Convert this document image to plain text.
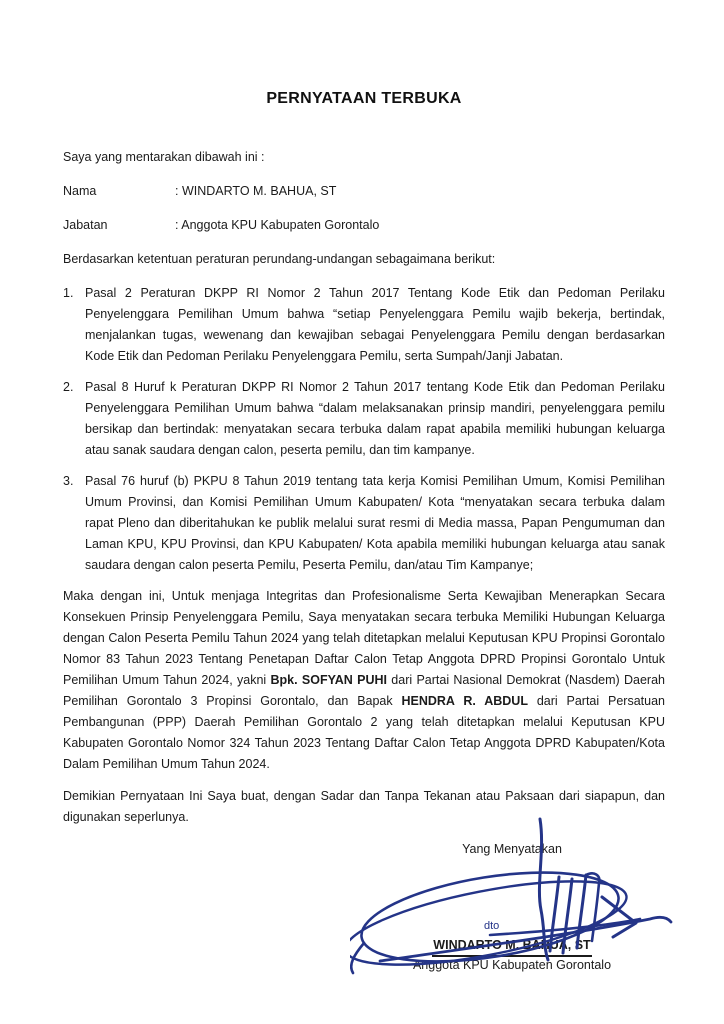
PERNYATAAN TERBUKA

Saya yang mentarakan dibawah ini :

Nama	: WINDARTO M. BAHUA, ST
Jabatan	: Anggota KPU Kabupaten Gorontalo

Berdasarkan ketentuan peraturan perundang-undangan sebagaimana berikut:

1. Pasal 2 Peraturan DKPP RI Nomor 2 Tahun 2017 Tentang Kode Etik dan Pedoman Perilaku Penyelenggara Pemilihan Umum bahwa “setiap Penyelenggara Pemilu wajib bekerja, bertindak, menjalankan tugas, wewenang dan kewajiban sebagai Penyelenggara Pemilu dengan berdasarkan Kode Etik dan Pedoman Perilaku Penyelenggara Pemilu, serta Sumpah/Janji Jabatan.
2. Pasal 8 Huruf k Peraturan DKPP RI Nomor 2 Tahun 2017 tentang Kode Etik dan Pedoman Perilaku Penyelenggara Pemilihan Umum bahwa “dalam melaksanakan prinsip mandiri, penyelenggara pemilu bersikap dan bertindak: menyatakan secara terbuka dalam rapat apabila memiliki hubungan keluarga atau sanak saudara dengan calon, peserta pemilu, dan tim kampanye.
3. Pasal 76 huruf (b) PKPU 8 Tahun 2019 tentang tata kerja Komisi Pemilihan Umum, Komisi Pemilihan Umum Provinsi, dan Komisi Pemilihan Umum Kabupaten/ Kota “menyatakan secara terbuka dalam rapat Pleno dan diberitahukan ke publik melalui surat resmi di Media massa, Papan Pengumuman dan Laman KPU, KPU Provinsi, dan KPU Kabupaten/ Kota apabila memiliki hubungan keluarga atau sanak saudara dengan calon peserta Pemilu, Peserta Pemilu, dan/atau Tim Kampanye;

Maka dengan ini, Untuk menjaga Integritas dan Profesionalisme Serta Kewajiban Menerapkan Secara Konsekuen Prinsip Penyelenggara Pemilu, Saya menyatakan secara terbuka Memiliki Hubungan Keluarga dengan Calon Peserta Pemilu Tahun 2024 yang telah ditetapkan melalui Keputusan KPU Propinsi Gorontalo Nomor 83 Tahun 2023 Tentang Penetapan Daftar Calon Tetap Anggota DPRD Propinsi Gorontalo Untuk Pemilihan Umum Tahun 2024, yakni Bpk. SOFYAN PUHI dari Partai Nasional Demokrat (Nasdem) Daerah Pemilihan Gorontalo 3 Propinsi Gorontalo, dan Bapak HENDRA R. ABDUL dari Partai Persatuan Pembangunan (PPP) Daerah Pemilihan Gorontalo 2 yang telah ditetapkan melalui Keputusan KPU Kabupaten Gorontalo Nomor 324 Tahun 2023 Tentang Daftar Calon Tetap Anggota DPRD Kabupaten/Kota Dalam Pemilihan Umum Tahun 2024.

Demikian Pernyataan Ini Saya buat, dengan Sadar dan Tanpa Tekanan atau Paksaan dari siapapun, dan digunakan seperlunya.

Yang Menyatakan
dto
WINDARTO M. BAHUA, ST
Anggota KPU Kabupaten Gorontalo
